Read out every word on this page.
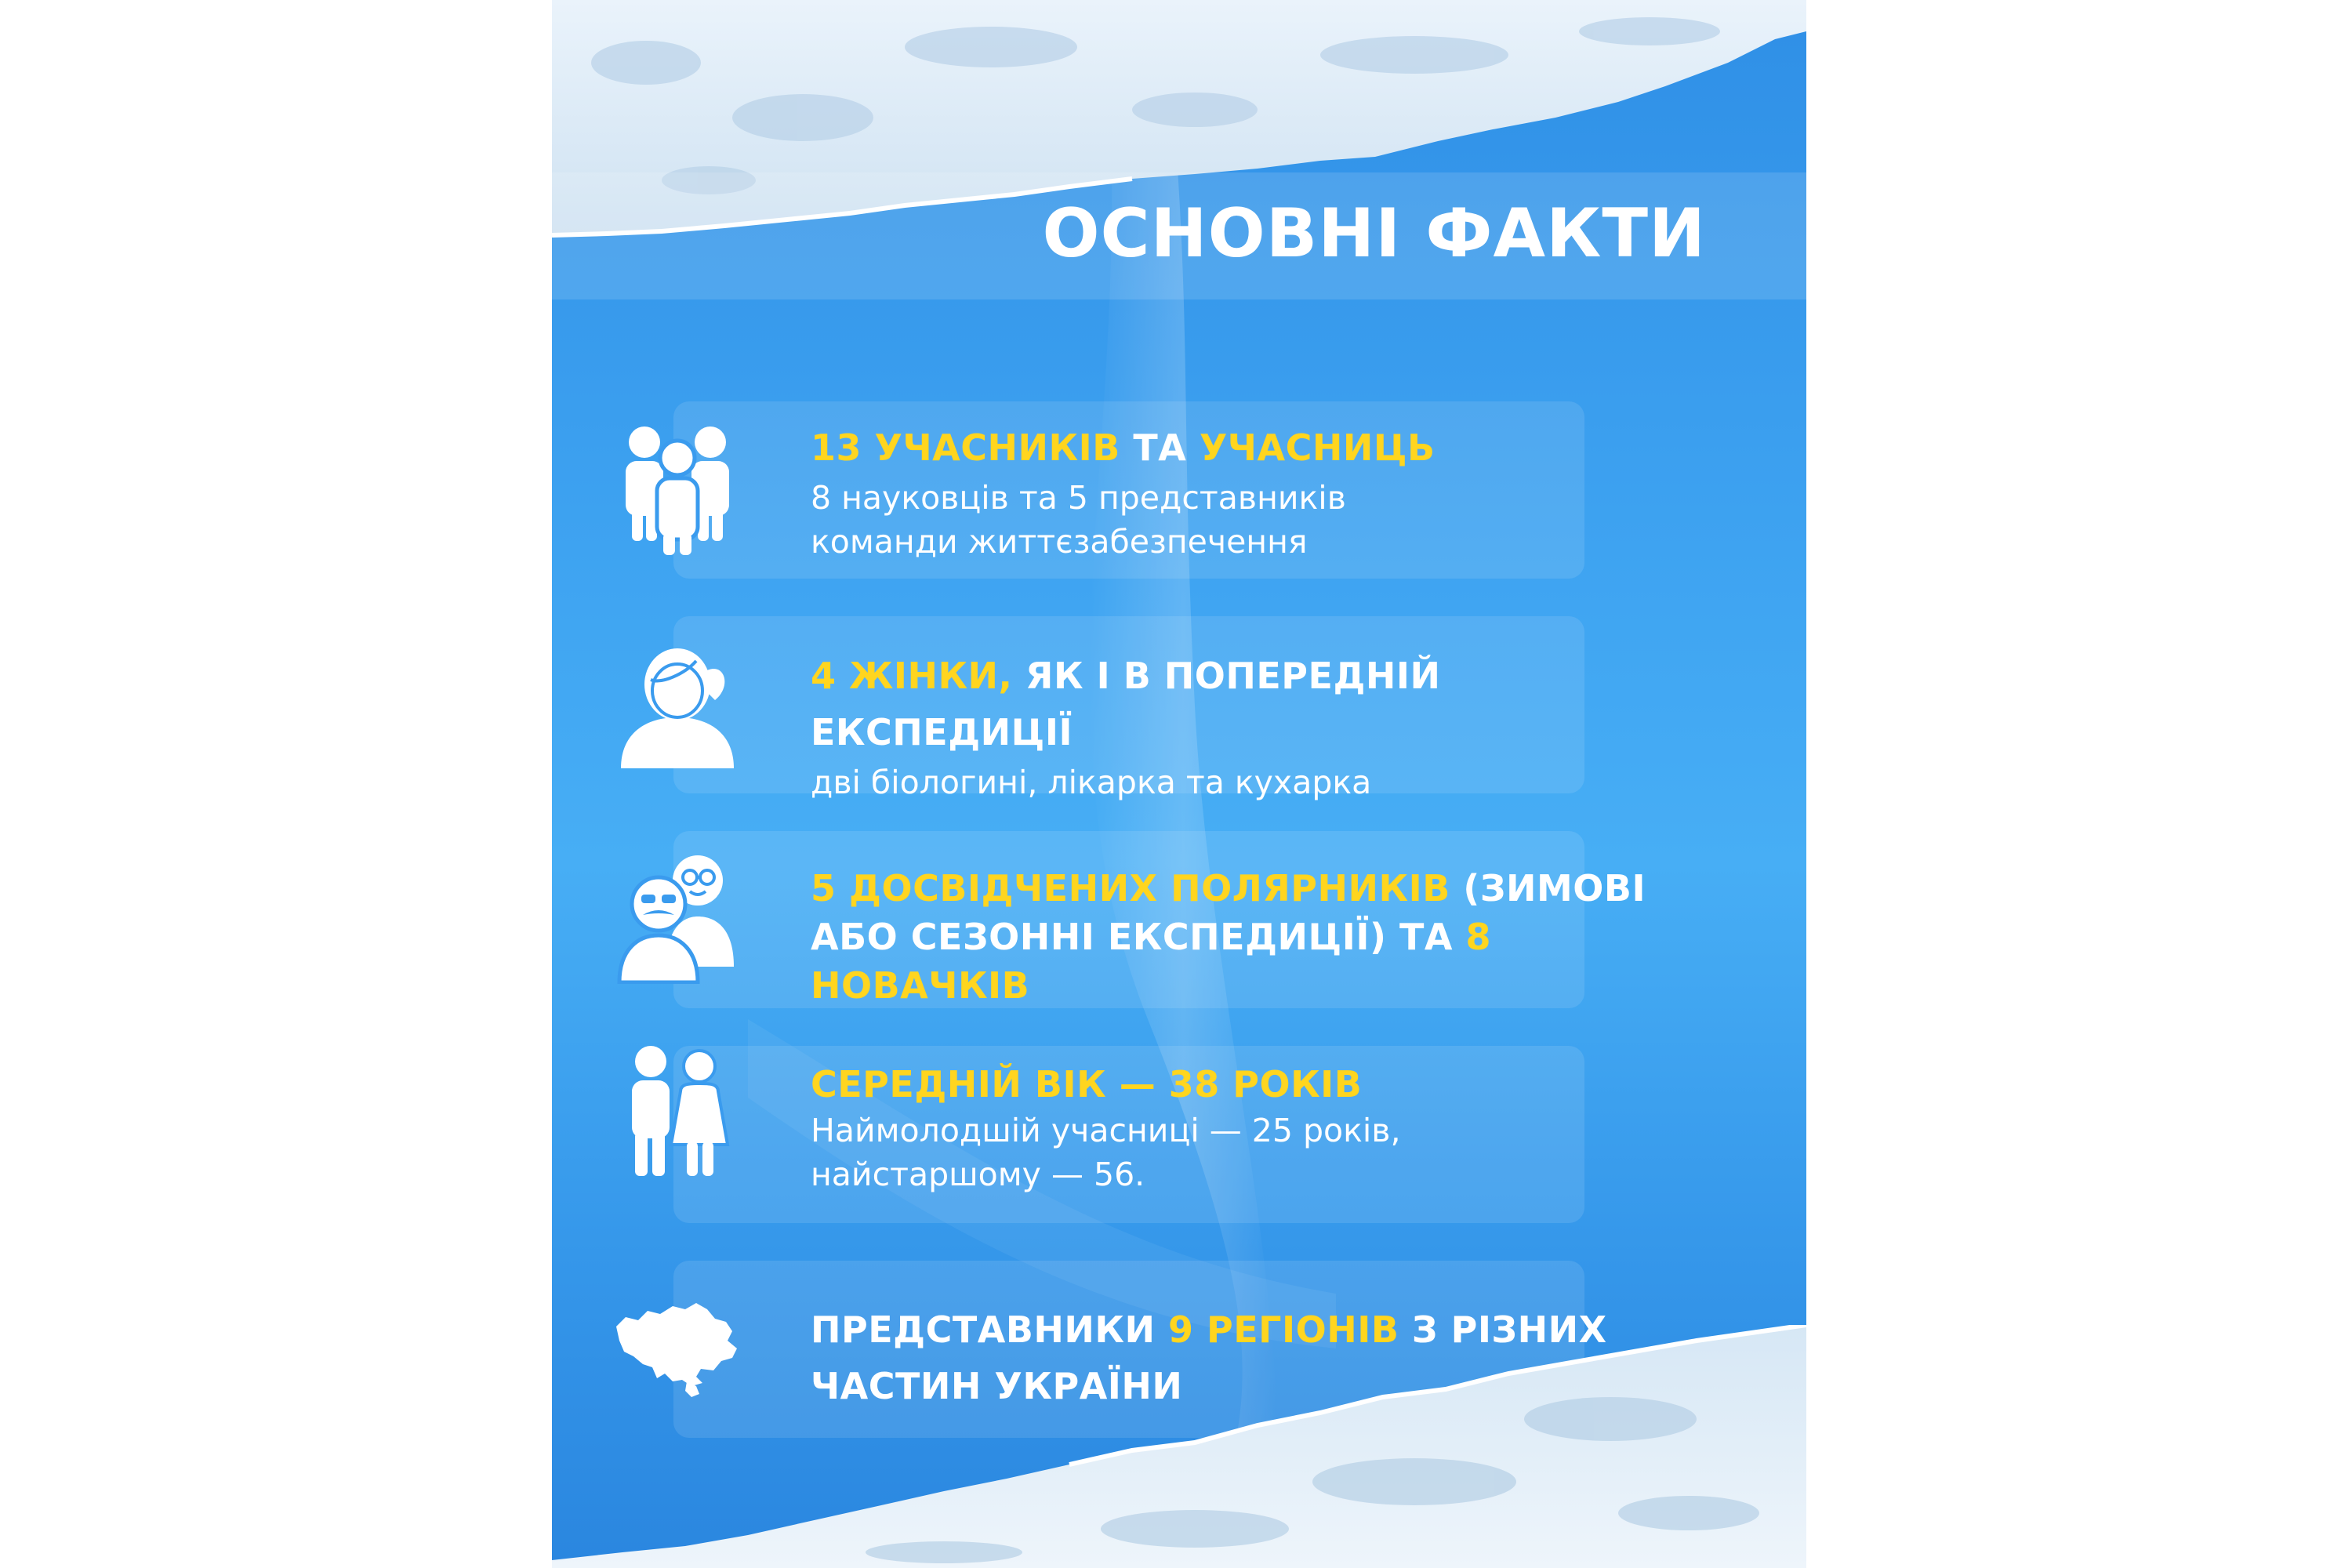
ОСНОВНІ ФАКТИ
13 УЧАСНИКІВ ТА УЧАСНИЦЬ
8 науковців та 5 представників
команди життєзабезпечення
4 ЖІНКИ, ЯК І В ПОПЕРЕДНІЙ ЕКСПЕДИЦІЇ
дві біологині, лікарка та кухарка
5 ДОСВІДЧЕНИХ ПОЛЯРНИКІВ (ЗИМОВІ
АБО СЕЗОННІ ЕКСПЕДИЦІЇ) ТА 8 НОВАЧКІВ
СЕРЕДНІЙ ВІК — 38 РОКІВ
Наймолодшій учасниці — 25 років,
найстаршому — 56.
ПРЕДСТАВНИКИ 9 РЕГІОНІВ З РІЗНИХ
ЧАСТИН УКРАЇНИ
